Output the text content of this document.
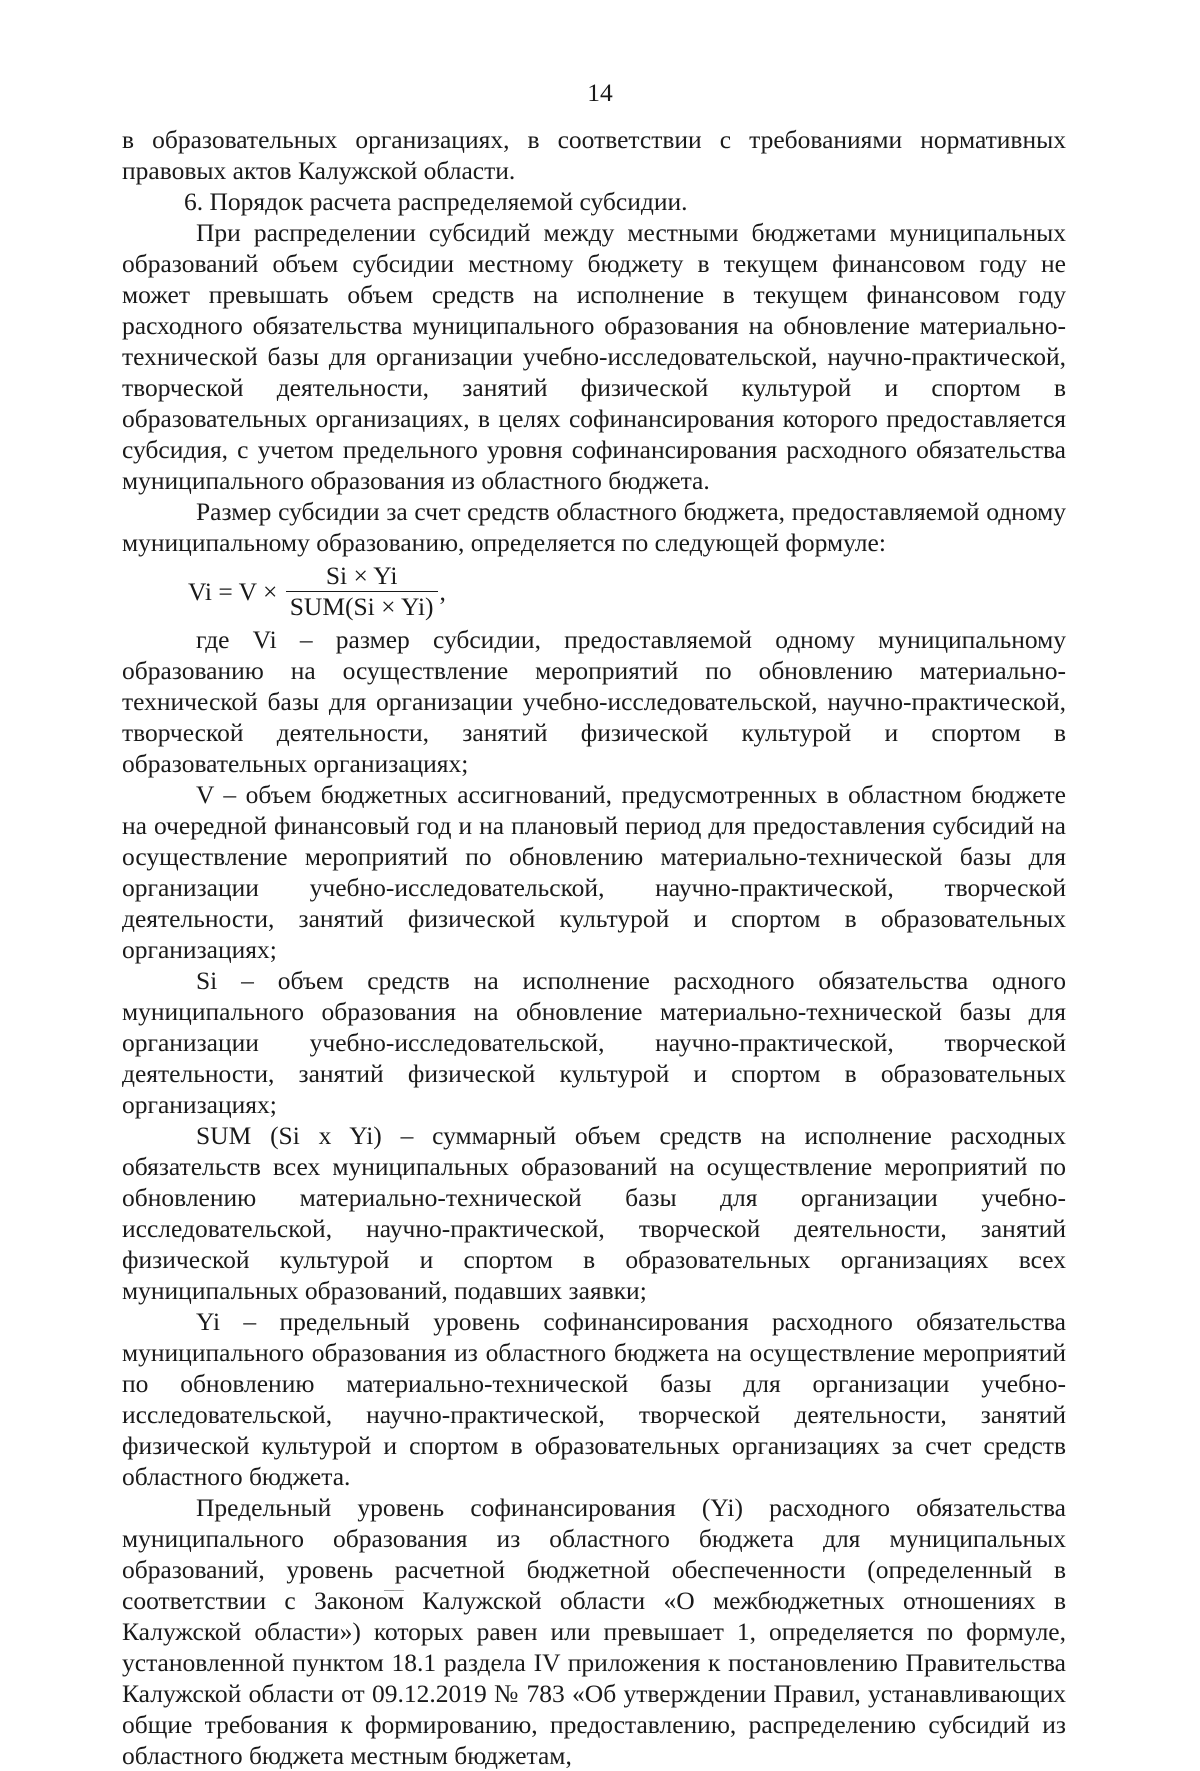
14

в образовательных организациях, в соответствии с требованиями нормативных правовых актов Калужской области.

6. Порядок расчета распределяемой субсидии.

При распределении субсидий между местными бюджетами муниципальных образований объем субсидии местному бюджету в текущем финансовом году не может превышать объем средств на исполнение в текущем финансовом году расходного обязательства муниципального образования на обновление материально-технической базы для организации учебно-исследовательской, научно-практической, творческой деятельности, занятий физической культурой и спортом в образовательных организациях, в целях софинансирования которого предоставляется субсидия, с учетом предельного уровня софинансирования расходного обязательства муниципального образования из областного бюджета.

Размер субсидии за счет средств областного бюджета, предоставляемой одному муниципальному образованию, определяется по следующей формуле:

$Vi = V \times \frac{Si \times Yi}{\text{SUM(Si × Yi)}}$ ,

где Vi – размер субсидии, предоставляемой одному муниципальному образованию на осуществление мероприятий по обновлению материально-технической базы для организации учебно-исследовательской, научно-практической, творческой деятельности, занятий физической культурой и спортом в образовательных организациях;

V – объем бюджетных ассигнований, предусмотренных в областном бюджете на очередной финансовый год и на плановый период для предоставления субсидий на осуществление мероприятий по обновлению материально-технической базы для организации учебно-исследовательской, научно-практической, творческой деятельности, занятий физической культурой и спортом в образовательных организациях;

Si – объем средств на исполнение расходного обязательства одного муниципального образования на обновление материально-технической базы для организации учебно-исследовательской, научно-практической, творческой деятельности, занятий физической культурой и спортом в образовательных организациях;

SUM (Si x Yi) – суммарный объем средств на исполнение расходных обязательств всех муниципальных образований на осуществление мероприятий по обновлению материально-технической базы для организации учебно-исследовательской, научно-практической, творческой деятельности, занятий физической культурой и спортом в образовательных организациях всех муниципальных образований, подавших заявки;

Yi – предельный уровень софинансирования расходного обязательства муниципального образования из областного бюджета на осуществление мероприятий по обновлению материально-технической базы для организации учебно-исследовательской, научно-практической, творческой деятельности, занятий физической культурой и спортом в образовательных организациях за счет средств областного бюджета.

Предельный уровень софинансирования (Yi) расходного обязательства муниципального образования из областного бюджета для муниципальных образований, уровень расчетной бюджетной обеспеченности (определенный в соответствии с Законом Калужской области «О межбюджетных отношениях в Калужской области») которых равен или превышает 1, определяется по формуле, установленной пунктом 18.1 раздела IV приложения к постановлению Правительства Калужской области от 09.12.2019 № 783 «Об утверждении Правил, устанавливающих общие требования к формированию, предоставлению, распределению субсидий из областного бюджета местным бюджетам,
